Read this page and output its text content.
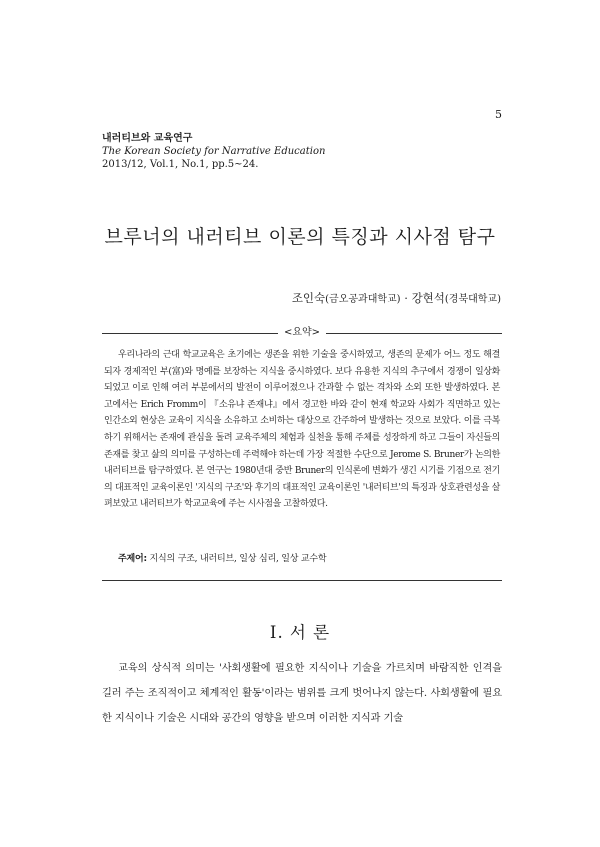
5
내러티브와 교육연구
The Korean Society for Narrative Education
2013/12, Vol.1, No.1, pp.5~24.
브루너의 내러티브 이론의 특징과 시사점 탐구
조인숙(금오공과대학교) · 강현석(경북대학교)
<요약>

우리나라의 근대 학교교육은 초기에는 생존을 위한 기술을 중시하였고, 생존의 문제가 어느 정도 해결되자 경제적인 부(富)와 명예를 보장하는 지식을 중시하였다. 보다 유용한 지식의 추구에서 경쟁이 일상화되었고 이로 인해 여러 부분에서의 발전이 이루어졌으나 간과할 수 없는 격차와 소외 또한 발생하였다. 본고에서는 Erich Fromm이 『소유냐 존재냐』에서 경고한 바와 같이 현재 학교와 사회가 직면하고 있는 인간소외 현상은 교육이 지식을 소유하고 소비하는 대상으로 간주하여 발생하는 것으로 보았다. 이를 극복하기 위해서는 존재에 관심을 돌려 교육주체의 체험과 실천을 통해 주체를 성장하게 하고 그들이 자신들의 존재를 찾고 삶의 의미를 구성하는데 주력해야 하는데 가장 적절한 수단으로 Jerome S. Bruner가 논의한 내러티브를 탐구하였다. 본 연구는 1980년대 중반 Bruner의 인식론에 변화가 생긴 시기를 기점으로 전기의 대표적인 교육이론인 '지식의 구조'와 후기의 대표적인 교육이론인 '내러티브'의 특징과 상호관련성을 살펴보았고 내러티브가 학교교육에 주는 시사점을 고찰하였다.

주제어: 지식의 구조, 내러티브, 일상 심리, 일상 교수학
Ⅰ. 서 론

교육의 상식적 의미는 '사회생활에 필요한 지식이나 기술을 가르치며 바람직한 인격을 길러 주는 조직적이고 체계적인 활동'이라는 범위를 크게 벗어나지 않는다. 사회생활에 필요한 지식이나 기술은 시대와 공간의 영향을 받으며 이러한 지식과 기술
